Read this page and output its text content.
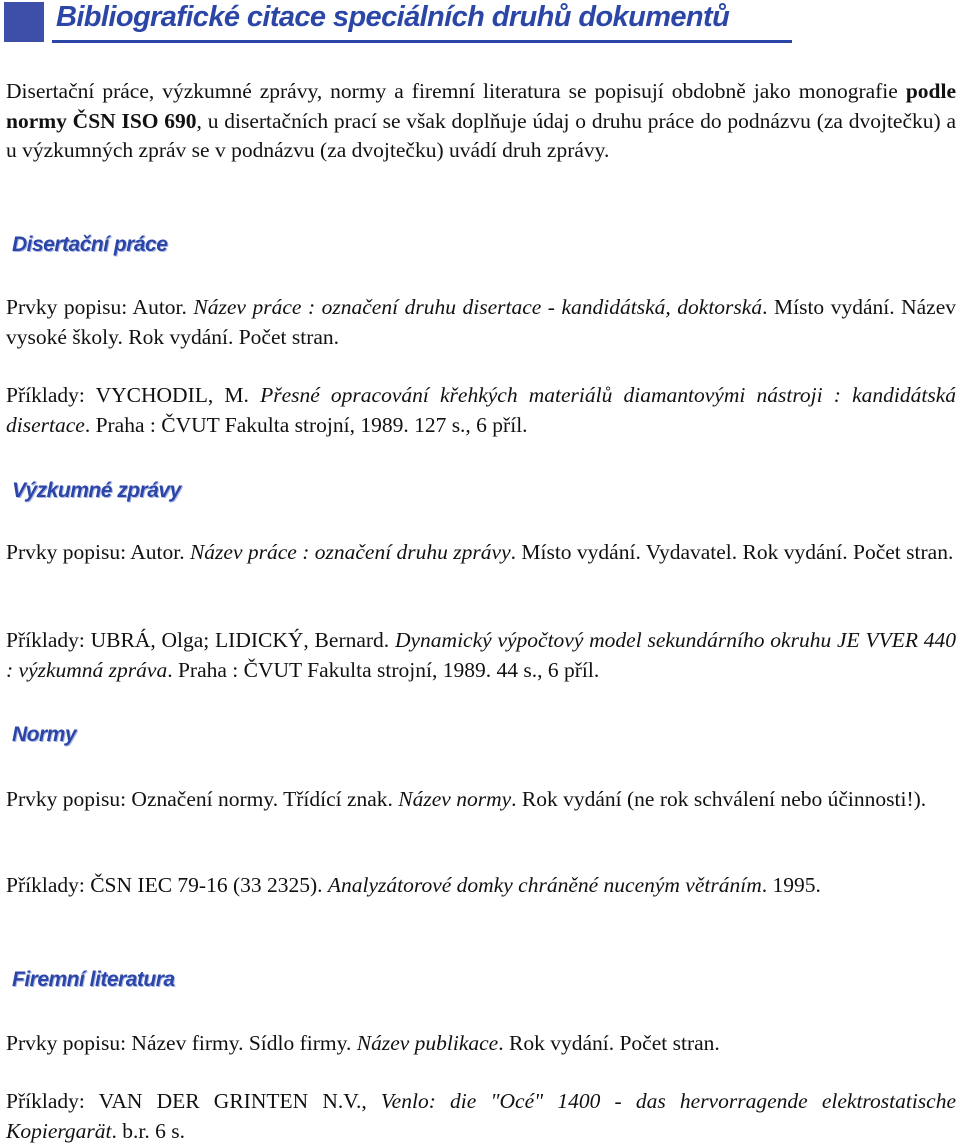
Bibliografické citace speciálních druhů dokumentů

Disertační práce, výzkumné zprávy, normy a firemní literatura se popisují obdobně jako monografie podle normy ČSN ISO 690, u disertačních prací se však doplňuje údaj o druhu práce do podnázvu (za dvojtečku) a u výzkumných zpráv se v podnázvu (za dvojtečku) uvádí druh zprávy.

Disertační práce

Prvky popisu: Autor. Název práce : označení druhu disertace - kandidátská, doktorská. Místo vydání. Název vysoké školy. Rok vydání. Počet stran.

Příklady: VYCHODIL, M. Přesné opracování křehkých materiálů diamantovými nástroji : kandidátská disertace. Praha : ČVUT Fakulta strojní, 1989. 127 s., 6 příl.

Výzkumné zprávy

Prvky popisu: Autor. Název práce : označení druhu zprávy. Místo vydání. Vydavatel. Rok vydání. Počet stran.

Příklady: UBRÁ, Olga; LIDICKÝ, Bernard. Dynamický výpočtový model sekundárního okruhu JE VVER 440 : výzkumná zpráva. Praha : ČVUT Fakulta strojní, 1989. 44 s., 6 příl.

Normy

Prvky popisu: Označení normy. Třídící znak. Název normy. Rok vydání (ne rok schválení nebo účinnosti!).

Příklady: ČSN IEC 79-16 (33 2325). Analyzátorové domky chráněné nuceným větráním. 1995.

Firemní literatura

Prvky popisu: Název firmy. Sídlo firmy. Název publikace. Rok vydání. Počet stran.

Příklady: VAN DER GRINTEN N.V., Venlo: die "Océ" 1400 - das hervorragende elektrostatische Kopiergarät. b.r. 6 s.
